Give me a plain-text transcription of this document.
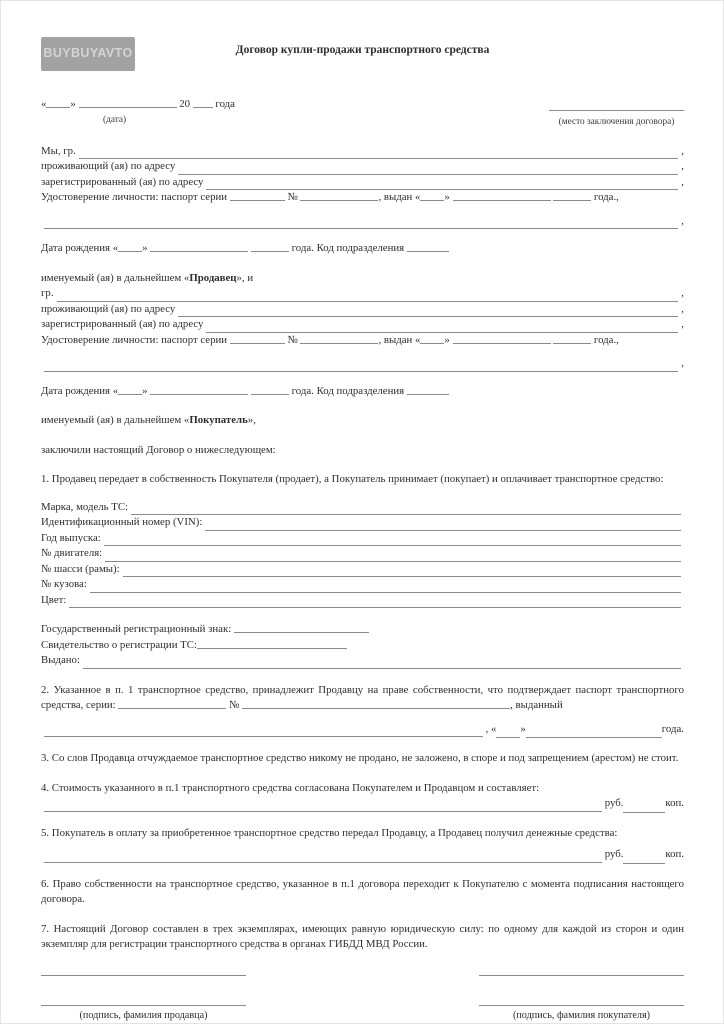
BUYBUYAVTO	Договор купли-продажи транспортного средства
« »	20 года
(дата)	(место заключения договора)
Мы, гр.	,
проживающий (ая) по адресу	,
зарегистрированный (ая) по адресу	,
Удостоверение личности: паспорт серии	№	, выдан « »	года.,
,
Дата рождения « »	года. Код подразделения
именуемый (ая) в дальнейшем «Продавец», и
гр.	,
проживающий (ая) по адресу	,
зарегистрированный (ая) по адресу	,
Удостоверение личности: паспорт серии	№	, выдан « »	года.,
,
Дата рождения « »	года. Код подразделения
именуемый (ая) в дальнейшем «Покупатель»,
заключили настоящий Договор о нижеследующем:

1. Продавец передает в собственность Покупателя (продает), а Покупатель принимает (покупает) и оплачивает транспортное средство:

Марка, модель ТС:
Идентификационный номер (VIN):
Год выпуска:
№ двигателя:
№ шасси (рамы):
№ кузова:
Цвет:
Государственный регистрационный знак:
Свидетельство о регистрации ТС:
Выдано:
2. Указанное в п. 1 транспортное средство, принадлежит Продавцу на праве собственности, что подтверждает паспорт транспортного средства, серии:	№	, выданный
, « »	года.

3. Со слов Продавца отчуждаемое транспортное средство никому не продано, не заложено, в споре и под запрещением (арестом) не стоит.

4. Стоимость указанного в п.1 транспортного средства согласована Покупателем и Продавцом и составляет:

руб.	коп.

5. Покупатель в оплату за приобретенное транспортное средство передал Продавцу, а Продавец получил денежные средства:

руб.	коп.

6. Право собственности на транспортное средство, указанное в п.1 договора переходит к Покупателю с момента подписания настоящего договора.

7. Настоящий Договор составлен в трех экземплярах, имеющих равную юридическую силу: по одному для каждой из сторон и один экземпляр для регистрации транспортного средства в органах ГИБДД МВД России.

(подпись, фамилия продавца)	(подпись, фамилия покупателя)
